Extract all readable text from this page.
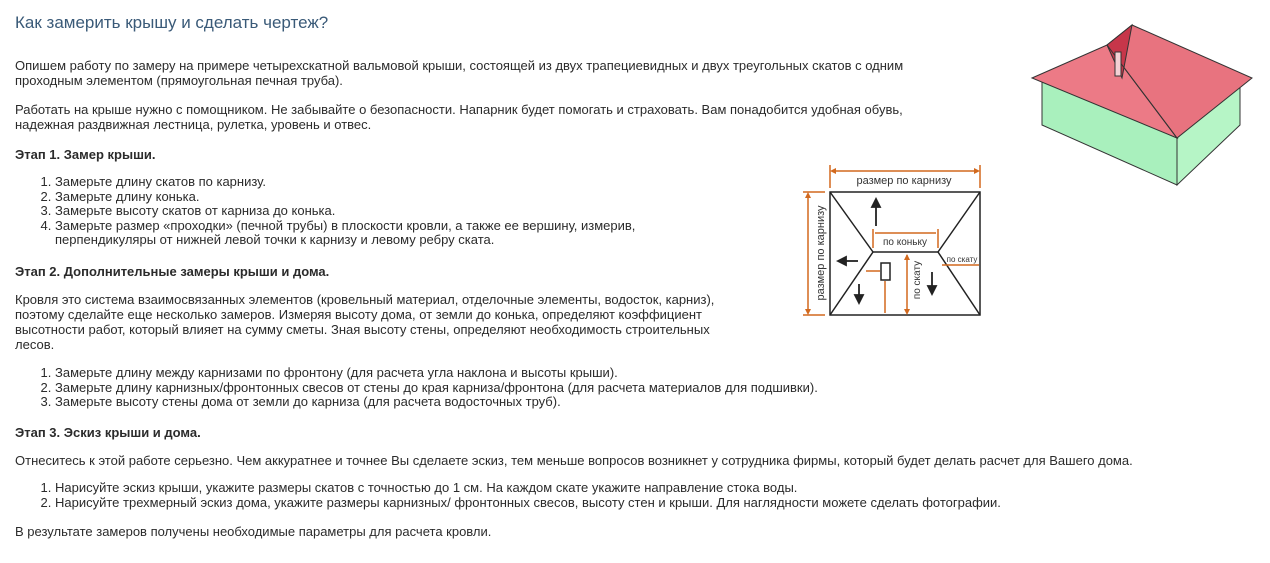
Как замерить крышу и сделать чертеж?

Опишем работу по замеру на примере четырехскатной вальмовой крыши, состоящей из двух трапециевидных и двух треугольных скатов с одним

проходным элементом (прямоугольная печная труба).

Работать на крыше нужно с помощником. Не забывайте о безопасности. Напарник будет помогать и страховать. Вам понадобится удобная обувь,

надежная раздвижная лестница, рулетка, уровень и отвес.

Этап 1. Замер крыши.

1. Замерьте длину скатов по карнизу.
2. Замерьте длину конька.
3. Замерьте высоту скатов от карниза до конька.
4. Замерьте размер «проходки» (печной трубы) в плоскости кровли, а также ее вершину, измерив,
перпендикуляры от нижней левой точки к карнизу и левому ребру ската.

Этап 2. Дополнительные замеры крыши и дома.

Кровля это система взаимосвязанных элементов (кровельный материал, отделочные элементы, водосток, карниз),

поэтому сделайте еще несколько замеров. Измеряя высоту дома, от земли до конька, определяют коэффициент

высотности работ, который влияет на сумму сметы. Зная высоту стены, определяют необходимость строительных

лесов.

1. Замерьте длину между карнизами по фронтону (для расчета угла наклона и высоты крыши).
2. Замерьте длину карнизных/фронтонных свесов от стены до края карниза/фронтона (для расчета материалов для подшивки).
3. Замерьте высоту стены дома от земли до карниза (для расчета водосточных труб).

Этап 3. Эскиз крыши и дома.

Отнеситесь к этой работе серьезно. Чем аккуратнее и точнее Вы сделаете эскиз, тем меньше вопросов возникнет у сотрудника фирмы, который будет делать расчет для Вашего дома.

1. Нарисуйте эскиз крыши, укажите размеры скатов с точностью до 1 см. На каждом скате укажите направление стока воды.
2. Нарисуйте трехмерный эскиз дома, укажите размеры карнизных/ фронтонных свесов, высоту стен и крыши. Для наглядности можете сделать фотографии.

В результате замеров получены необходимые параметры для расчета кровли.

размер по карнизу
размер по карнизу	по коньку
по скату
по скату
